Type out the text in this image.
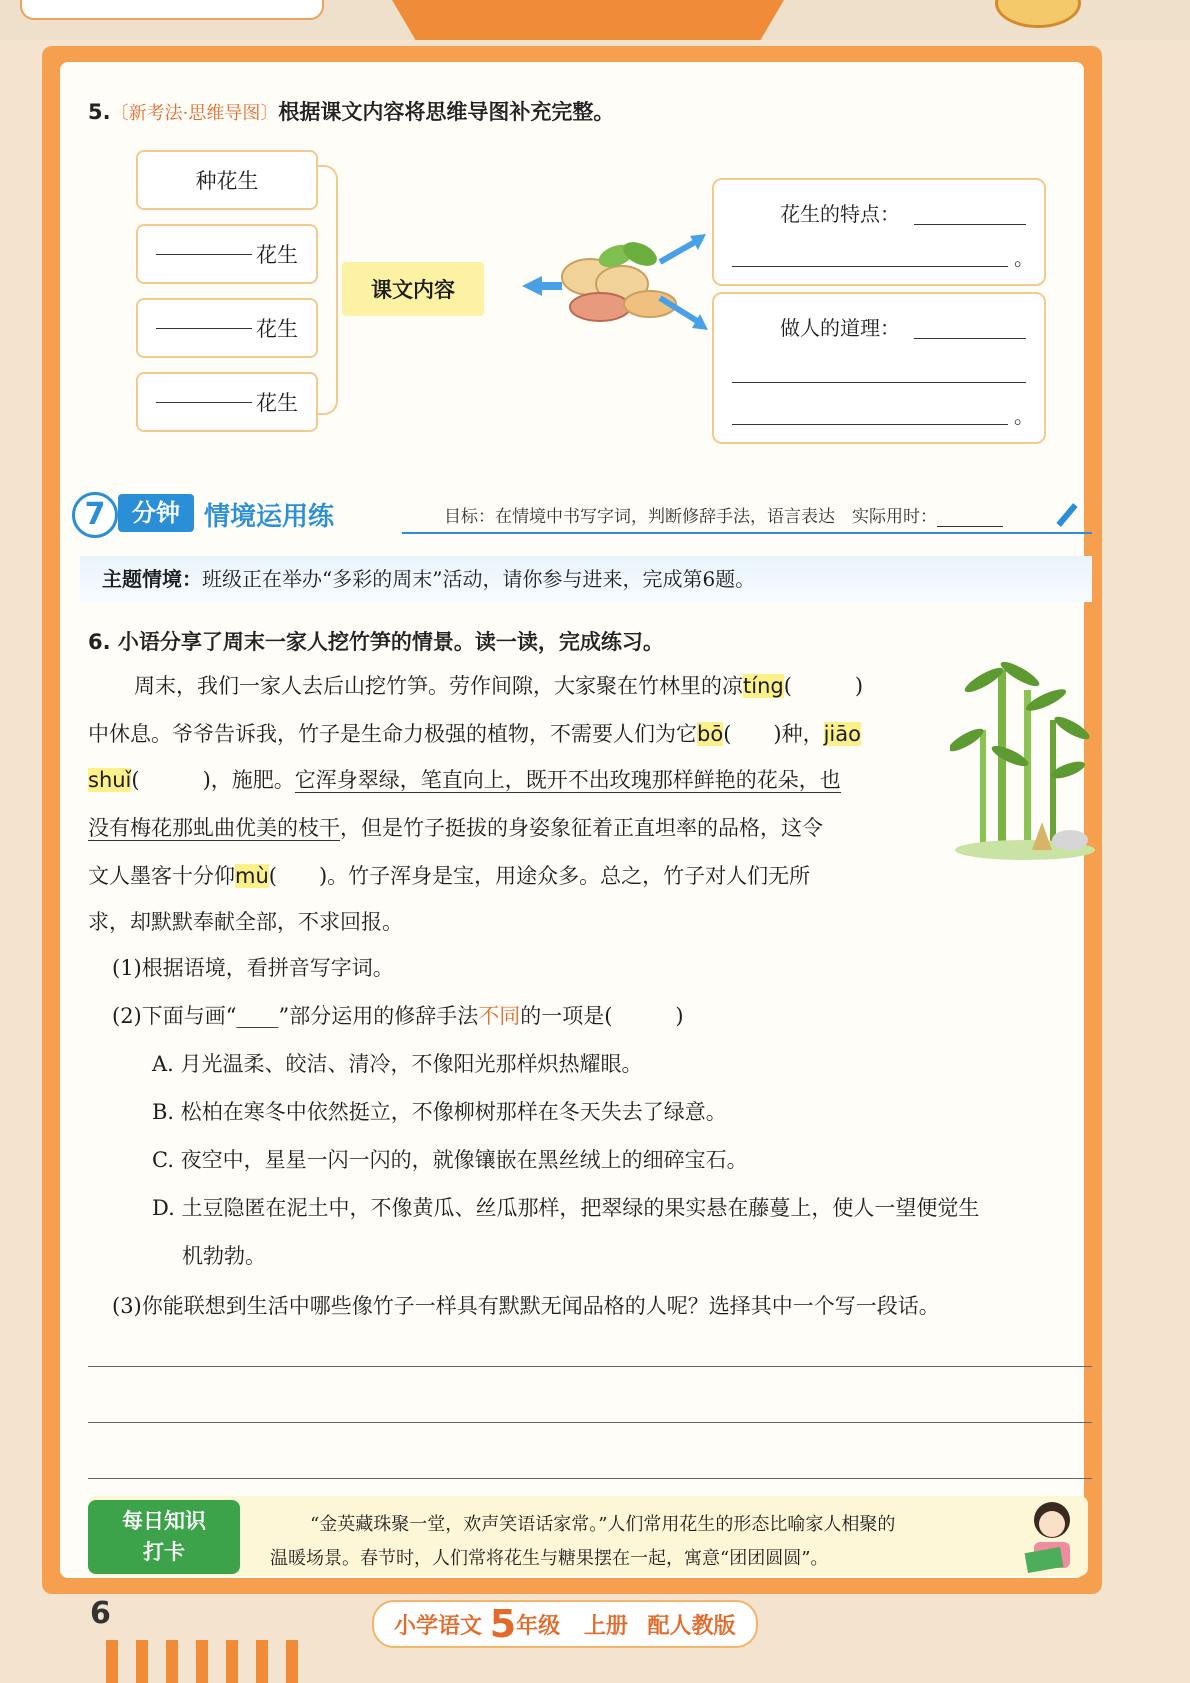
5.〔新考法·思维导图〕根据课文内容将思维导图补充完整。
种花生
花生
花生
花生
课文内容
花生的特点：
。
做人的道理：
。
7	分钟 情境运用练	目标：在情境中书写字词，判断修辞手法，语言表达　实际用时：
主题情境：班级正在举办“多彩的周末”活动，请你参与进来，完成第6题。
6. 小语分享了周末一家人挖竹笋的情景。读一读，完成练习。
周末，我们一家人去后山挖竹笋。劳作间隙，大家聚在竹林里的凉tíng(　　　)
中休息。爷爷告诉我，竹子是生命力极强的植物，不需要人们为它bō(　　)种，jiāo
shuǐ(　　　)，施肥。它浑身翠绿，笔直向上，既开不出玫瑰那样鲜艳的花朵，也
没有梅花那虬曲优美的枝干，但是竹子挺拔的身姿象征着正直坦率的品格，这令
文人墨客十分仰mù(　　)。竹子浑身是宝，用途众多。总之，竹子对人们无所
求，却默默奉献全部，不求回报。
(1)根据语境，看拼音写字词。
(2)下面与画“____”部分运用的修辞手法不同的一项是(　　　)
A. 月光温柔、皎洁、清冷，不像阳光那样炽热耀眼。
B. 松柏在寒冬中依然挺立，不像柳树那样在冬天失去了绿意。
C. 夜空中，星星一闪一闪的，就像镶嵌在黑丝绒上的细碎宝石。
D. 土豆隐匿在泥土中，不像黄瓜、丝瓜那样，把翠绿的果实悬在藤蔓上，使人一望便觉生
机勃勃。
(3)你能联想到生活中哪些像竹子一样具有默默无闻品格的人呢？选择其中一个写一段话。
每日知识
打卡
“金英藏珠聚一堂，欢声笑语话家常。”人们常用花生的形态比喻家人相聚的
温暖场景。春节时，人们常将花生与糖果摆在一起，寓意“团团圆圆”。
6	小学语文 5年级 上册 配人教版
